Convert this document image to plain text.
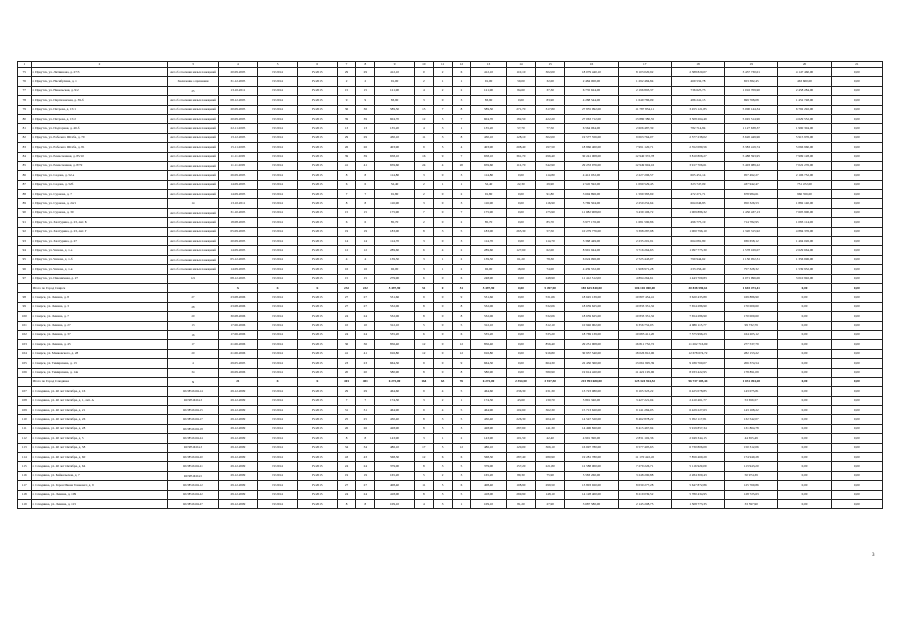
1	2	3	4	5	6	7	8	9	10	11	12	13	14	15	16	17	18	19	20	21
75	г. Иркутск, ул. Литвинова, д. 27/3	Акт об отселении жилых помещений	20.09.2005	IV.2014	IV.2015	29	29	412,10	0	2	6	412,10	110,10	302,00	18 079 440,10	8 103 020,92	2 388 820,07	3 437 730,01	4 147 460,00	0,00
76	г. Иркутск, ул. Насибулина, д. 1	Заключение о признании	31.12.2005	IV.2014	IV.2015	2	2	91,00	2	1	1	91,00	59,00	32,00	2 484 000,00	1 292 484,84	469 532,78	653 382,45	463 600,00	0,00
77	г. Иркутск, ул. Невельская, д. 9/2	25	13.10.2011	IV.2014	IV.2015	15	15	121,90	4	2	2	121,90	84,60	37,30	6 735 624,00	2 196 893,37	736 625,73	1 016 709,90	2 458 284,00	0,00
78	г. Иркутск, ул. Партизанская, д. 39-б	Акт об отселении жилых помещений	08.12.2005	IV.2014	IV.2015	9	9	83,90	3	0	3	83,90	0,00	83,90	4 288 544,00	1 649 786,09	486 241,15	699 768,08	1 452 748,00	0,00
79	г. Иркутск, ул. Петрова, д. 15/1	Акт об отселении жилых помещений	20.09.2005	IV.2014	IV.2015	36	36	589,50	15	7	8	589,50	271,70	317,80	27 855 992,00	11 787 834,11	3 455 121,85	5 000 144,34	6 792 292,00	0,00
80	г. Иркутск, ул. Петрова, д. 15/2	Акт об отселении жилых помещений	20.09.2005	IV.2014	IV.2015	39	39	604,70	12	5	7	604,70	182,50	422,20	27 063 712,00	13 880 380,55	3 508 264,49	5 045 514,96	4 629 552,00	0,00
81	г. Иркутск, ул. Подгорная, д. 40-б	Акт об отселении жилых помещений	22.11.2005	IV.2014	IV.2015	13	13	135,20	4	3	1	135,20	57,70	77,50	6 564 064,00	2 606 487,39	782 714,84	1 127 638,37	1 990 304,00	0,00
82	г. Иркутск, ул. Рабочего Штаба, д. 79	Акт об отселении жилых помещений	13.12.2005	IV.2014	IV.2015	29	29	430,10	11	3	8	430,10	128,10	302,00	19 577 556,00	9 063 764,07	2 577 238,02	3 620 449,96	5 915 976,00	0,00
83	г. Иркутск, ул. Рабочего Штаба, д. 81	Акт об отселении жилых помещений	15.11.2005	IV.2014	IV.2015	26	26	403,90	9	5	4	403,90	208,40	197,50	18 866 400,00	7 991 120,71	2 352 089,56	3 383 419,74	5 066 960,00	0,00
84	г. Иркутск, ул. Ремесленная, д. 85/10	Акт об отселении жилых помещений	11.11.2005	IV.2014	IV.2015	39	39	658,10	16	9	7	658,10	361,70	296,40	30 241 008,00	12 940 372,78	3 810 806,27	5 488 593,95	7 999 128,00	0,00
85	г. Иркутск, ул. Ремесленная, д. 87/9	Акт об отселении жилых помещений	11.11.2005	IV.2014	IV.2015	41	41	659,60	24	4	20	659,60	112,70	542,90	29 233 976,00	12 949 904,16	3 917 706,61	5 403 089,22	7 022 276,00	0,00
86	г. Иркутск, ул. Седова, д. 52-а	Акт об отселении жилых помещений	26.09.2005	IV.2014	IV.2015	8	8	114,80	3	0	3	114,80	0,00	114,80	4 412 032,00	2 227 296,57	665 451,14	957 492,27	2 106 752,00	0,00
87	г. Иркутск, ул. Седова, д. 52б	Акт об отселении жилых помещений	14.09.2005	IV.2014	IV.2015	6	6	52,40	2	1	1	52,40	22,30	29,90	2 545 592,00	1 090 529,45	323 747,09	437 942,47	751 472,00	0,00
88	г. Иркутск, ул. Сурнова, д. 7	Акт об отселении жилых помещений	14.09.2005	IV.2014	IV.2015	7	7	91,80	2	0	2	91,80	0,00	91,80	3 694 896,00	1 599 383,69	472 271,71	678 984,61	966 356,00	0,00
89	г. Иркутск, ул. Сурнова, д. 24/1	14	13.10.2011	IV.2014	IV.2015	8	8	116,90	3	0	3	116,90	0,00	116,90	5 769 504,00	2 250 252,64	664 046,83	950 326,53	1 882 140,00	0,00
90	г. Иркутск, ул. Сурнова, д. 30	Акт об отселении жилых помещений	31.10.2005	IV.2014	IV.2015	15	15	175,90	7	0	7	175,90	0,00	175,90	11 082 908,00	3 439 106,72	1 009 886,32	1 450 437,13	7 605 900,00	0,00
91	г. Иркутск, ул. Халтурина, д. 23, лит. Б	Акт об отселении жилых помещений	18.08.2005	IV.2014	IV.2015	6	6	85,70	2	0	2	85,70	0,00	85,70	3 977 176,00	1 681 590,86	496 775,19	714 782,95	1 083 114,00	0,00
92	г. Иркутск, ул. Халтурина, д. 23, лит. Г	Акт об отселении жилых помещений	05.09.2005	IV.2014	IV.2015	19	19	183,00	8	3	5	183,00	265,30	57,50	10 279 776,00	3 398 287,98	1 000 796,10	1 320 315,92	4 884 376,00	0,00
93	г. Иркутск, ул. Халтурина, д. 27	Акт об отселении жилых помещений	20.09.2005	IV.2014	IV.2015	14	14	114,70	3	0	3	114,70	0,00	114,70	5 368 449,00	2 235 201,91	664 081,80	936 658,12	1 494 026,00	0,00
94	г. Иркутск, ул. Чехова, д. 1-а	Акт об отселении жилых помещений	14.09.2005	IV.2014	IV.2015	12	12	289,60	6	4	2	289,60	127,60	62,00	8 991 944,00	3 716 264,63	1 097 775,30	1 578 169,07	2 629 664,00	0,00
95	г. Иркутск, ул. Чехова, д. 1-б	Акт об отселении жилых помещений	05.12.2005	IV.2014	IV.2015	4	4	139,50	3	1	2	139,50	61,20	78,30	6 024 096,00	2 725 443,07	790 944,62	1 150 952,31	1 356 696,00	0,00
96	г. Иркутск, ул. Чехова, д. 1-в	Акт об отселении жилых помещений	14.09.2005	IV.2014	IV.2015	16	16	92,00	3	1	2	92,00	18,00	74,00	4 439 552,00	1 908 971,28	233 256,40	757 328,32	1 539 932,00	0,00
97	г. Иркутск, ул. Пшеничная, д. 27	121	08.12.2005	IV.2014	IV.2015	15	15	279,90	6	0	6	248,90	0,00	248,90	11 412 512,00	4 894 264,61	1 443 709,83	2 071 996,06	3 010 992,00	0,00
	Итого по Город Свирск		X	X	X	232	232	5 497,90	51	0	51	5 497,90	0,00	5 497,90	185 625 840,00	106 102 000,00	30 838 590,61	1 693 473,41	0,00	0,00
98	г. Свирск, ул. Ленина, д. 8	27	23.08.2006	IV.2014	IV.2015	27	27	531,66	9	0	9	531,66	0,00	531,66	18 645 139,00	10 807 454,41	3 620 435,89	169 886,90	0,00	0,00
99	г. Свирск, ул. Ленина, д. 3	28	23.08.2006	IV.2014	IV.2015	27	27	532,06	8	0	8	532,06	0,00	532,06	18 659 625,00	10 833 331,32	7 654 286,90	170 009,60	0,00	0,00
100	г. Свирск, ул. Ленина, д. 7	29	30.08.2006	IV.2014	IV.2015	24	24	532,06	8	0	8	532,06	0,00	532,06	18 659 625,00	10 833 331,32	7 654 286,90	170 009,60	0,00	0,00
101	г. Свирск, ул. Ленина, д. 27	13	17.06.2006	IV.2014	IV.2015	10	10	312,10	5	0	5	312,10	0,00	312,10	10 946 902,00	6 356 752,03	4 986 115,77	99 732,79	0,00	0,00
102	г. Свирск, ул. Ленина, д. 37	16	17.06.2006	IV.2014	IV.2015	24	24	535,20	6	0	6	535,20	0,00	535,20	18 769 139,00	10 685 411,20	7 575 996,23	164 205,12	0,00	0,00
103	г. Свирск, ул. Ленина, д. 45	17	21.06.2006	IV.2014	IV.2015	36	36	856,40	12	0	12	856,40	0,00	856,40	29 251 908,00	16 811 732,72	11 262 716,69	277 537,79	0,00	0,00
104	г. Свирск, ул. Маяковского, д. 28	20	21.06.2006	IV.2014	IV.2015	41	41	916,80	12	0	12	916,80	0,00	916,80	30 957 540,00	18 026 812,06	12 678 674,72	282 153,22	0,00	0,00
105	г. Свирск, ул. Тимирязева, д. 13	4	29.05.2005	IV.2014	IV.2015	23	23	664,30	9	0	9	664,30	0,00	664,30	22 450 360,00	13 061 995,39	9 186 760,07	206 374,54	0,00	0,00
106	г. Свирск, ул. Тимирязева, д. 14а	34	26.09.2006	IV.2014	IV.2015	20	20	580,90	8	0	8	580,90	0,00	580,90	19 614 420,00	11 422 195,96	8 033 422,95	178 891,09	0,00	0,00
	Итого по Город Слюдянка	X	21	X	X	401	401	6 272,00	164	63	76	6 272,00	2 354,50	3 917,50	215 993 680,00	125 324 924,52	96 737 105,44	1 031 494,28	0,00	0,00
107	г. Слюдянка, ул. 40 лет Октября, д. 16	RU38516104-14	29.12.2009	IV.2014	IV.2015	29	29	464,60	9	4	5	464,60	236,30	231,30	13 723 080,00	9 165 323,22	6 425 078,85	143 075,81	0,00	0,00
108	г. Слюдянка, ул. 40 лет Октября, д. 1, лит. А	RU38516104-3	29.12.2009	IV.2014	IV.2015	7	7	174,30	3	2	1	174,30	43,60	130,70	5 891 340,00	3 427 221,04	2 410 461,77	53 656,57	0,00	0,00
109	г. Слюдянка, ул. 40 лет Октября, д. 21	RU38516104-15	29.12.2009	IV.2014	IV.2015	31	31	464,90	9	4	5	464,90	102,60	362,30	15 713 620,00	9 141 284,05	6 429 227,63	143 168,22	0,00	0,00
110	г. Слюдянка, ул. 40 лет Октября, д. 26	RU38516104-17	29.12.2009	IV.2014	IV.2015	25	25	430,40	8	3	5	430,40	226,30	204,10	14 547 520,00	8 462 878,22	5 952 117,81	132 542,07	0,00	0,00
111	г. Слюдянка, ул. 40 лет Октября, д. 28	RU38516104-18	29.12.2009	IV.2014	IV.2015	26	26	428,90	8	5	3	428,90	287,60	141,30	14 496 820,00	8 415 467,94	5 919 857,34	131 864,78	0,00	0,00
112	г. Слюдянка, ул. 40 лет Октября, д. 5	RU38516104-24	29.12.2009	IV.2014	IV.2015	8	8	143,90	3	1	2	143,90	101,50	42,40	4 991 390,00	2 831 102,36	2 049 344,15	44 655,49	0,00	0,00
113	г. Слюдянка, ул. 40 лет Октября, д. 58	RU38516104-3	29.12.2009	IV.2014	IV.2015	34	34	486,10	17	5	12	486,10	120,00	366,10	16 697 780,00	9 577 405,63	6 730 806,09	150 312,06	0,00	0,00
114	г. Слюдянка, ул. 40 лет Октября, д. 60	RU38516104-20	29.12.2009	IV.2014	IV.2015	43	43	568,30	12	6	6	568,30	287,40	280,90	19 281 780,00	11 170 422,45	7 856 469,29	174 949,28	0,00	0,00
115	г. Слюдянка, ул. 40 лет Октября, д. 64	RU38516104-21	29.12.2009	IV.2014	IV.2015	24	24	379,00	8	3	5	379,00	157,20	221,80	12 588 000,00	7 279 226,71	5 116 929,09	113 943,20	0,00	0,00
116	г. Слюдянка, ул. Байкальская, д. 7	RU38516104-5	29.12.2009	IV.2014	IV.2015	19	19	165,20	5	2	3	165,20	89,30	75,90	5 583 260,00	3 248 290,88	2 284 309,43	50 974,39	0,00	0,00
117	г. Слюдянка, ул. Героя Ивана Тонкова/г, д. 9	RU38516104-12	29.12.2009	IV.2014	IV.2015	27	27	408,40	11	5	6	408,40	108,90	299,50	13 803 920,00	8 030 277,28	5 647 872,86	125 769,86	0,00	0,00
118	г. Слюдянка, ул. Ленина, д. 109	RU38516104-22	29.12.2009	IV.2014	IV.2015	24	24	418,00	8	3	5	418,00	269,90	148,10	14 128 400,00	8 219 039,52	5 780 434,95	128 725,63	0,00	0,00
119	г. Слюдянка, ул. Ленина, д. 115	RU38516104-27	29.12.2009	IV.2014	IV.2015	8	8	109,10	4	3	1	109,10	81,20	27,90	3 687 580,00	2 145 208,75	1 508 773,35	33 597,90	0,00	0,00
3
